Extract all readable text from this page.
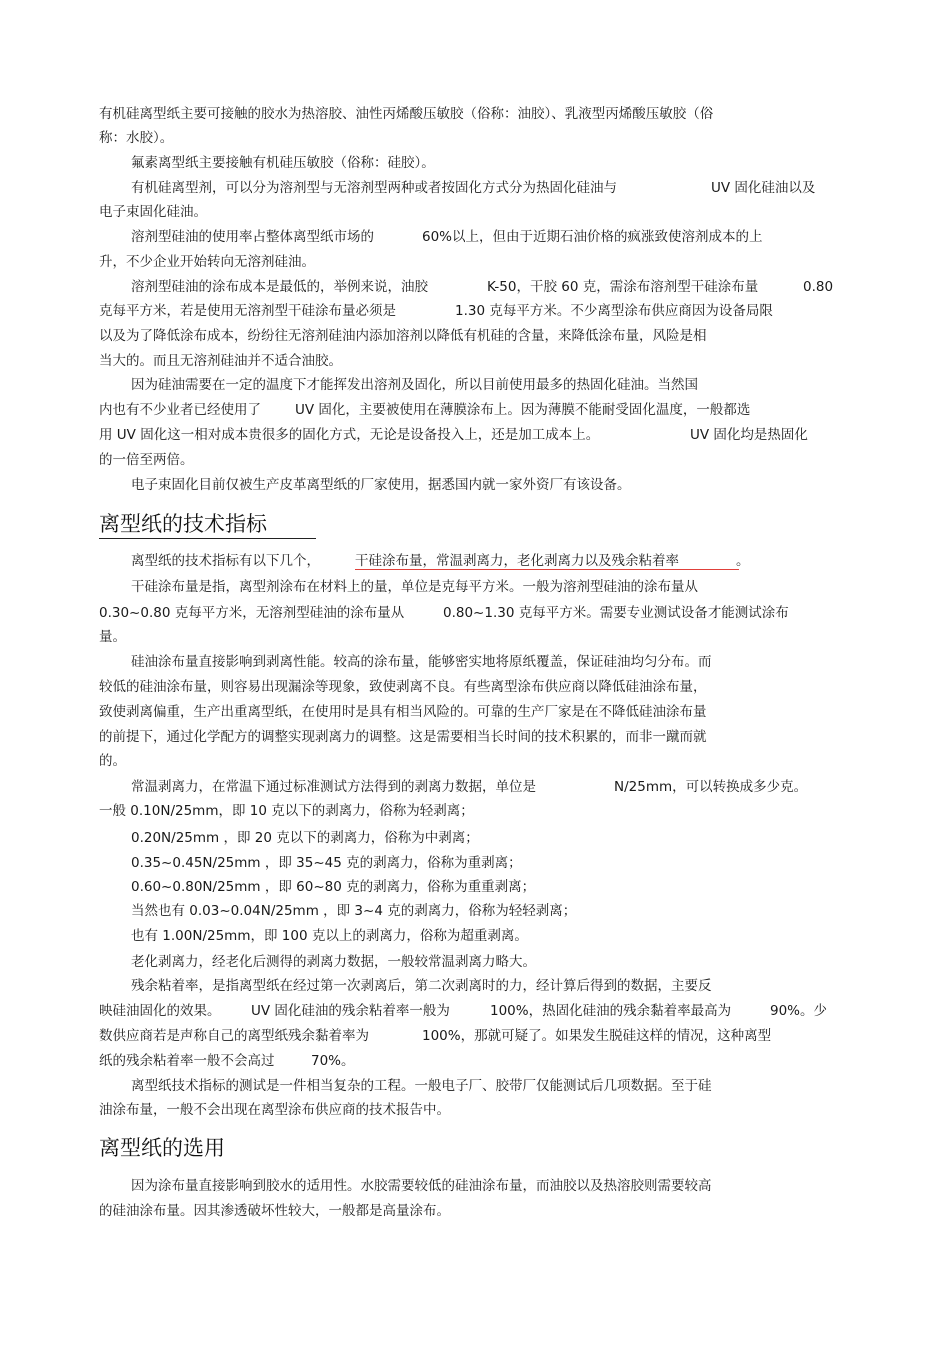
有机硅离型纸主要可接触的胶水为热溶胶、油性丙烯酸压敏胶（俗称：油胶）、乳液型丙烯酸压敏胶（俗
称：水胶）。
氟素离型纸主要接触有机硅压敏胶（俗称：硅胶）。
有机硅离型剂，可以分为溶剂型与无溶剂型两种或者按固化方式分为热固化硅油与	UV 固化硅油以及
电子束固化硅油。
溶剂型硅油的使用率占整体离型纸市场的	60%以上，但由于近期石油价格的疯涨致使溶剂成本的上
升，不少企业开始转向无溶剂硅油。
溶剂型硅油的涂布成本是最低的，举例来说，油胶	K-50，干胶 60 克，需涂布溶剂型干硅涂布量	0.80
克每平方米，若是使用无溶剂型干硅涂布量必须是	1.30 克每平方米。不少离型涂布供应商因为设备局限
以及为了降低涂布成本，纷纷往无溶剂硅油内添加溶剂以降低有机硅的含量，来降低涂布量，风险是相
当大的。而且无溶剂硅油并不适合油胶。
因为硅油需要在一定的温度下才能挥发出溶剂及固化，所以目前使用最多的热固化硅油。当然国
内也有不少业者已经使用了	UV 固化，主要被使用在薄膜涂布上。因为薄膜不能耐受固化温度，一般都选
用 UV 固化这一相对成本贵很多的固化方式，无论是设备投入上，还是加工成本上。	UV 固化均是热固化
的一倍至两倍。
电子束固化目前仅被生产皮革离型纸的厂家使用，据悉国内就一家外资厂有该设备。
离型纸的技术指标
离型纸的技术指标有以下几个，	干硅涂布量，常温剥离力，老化剥离力以及残余粘着率	。
干硅涂布量是指，离型剂涂布在材料上的量，单位是克每平方米。一般为溶剂型硅油的涂布量从
0.30~0.80 克每平方米，无溶剂型硅油的涂布量从	0.80~1.30 克每平方米。需要专业测试设备才能测试涂布
量。
硅油涂布量直接影响到剥离性能。较高的涂布量，能够密实地将原纸覆盖，保证硅油均匀分布。而
较低的硅油涂布量，则容易出现漏涂等现象，致使剥离不良。有些离型涂布供应商以降低硅油涂布量，
致使剥离偏重，生产出重离型纸，在使用时是具有相当风险的。可靠的生产厂家是在不降低硅油涂布量
的前提下，通过化学配方的调整实现剥离力的调整。这是需要相当长时间的技术积累的，而非一蹴而就
的。
常温剥离力，在常温下通过标准测试方法得到的剥离力数据，单位是	N/25mm，可以转换成多少克。
一般 0.10N/25mm，即 10 克以下的剥离力，俗称为轻剥离；
0.20N/25mm ，即 20 克以下的剥离力，俗称为中剥离；
0.35~0.45N/25mm ，即 35~45 克的剥离力，俗称为重剥离；
0.60~0.80N/25mm ，即 60~80 克的剥离力，俗称为重重剥离；
当然也有 0.03~0.04N/25mm ，即 3~4 克的剥离力，俗称为轻轻剥离；
也有 1.00N/25mm，即 100 克以上的剥离力，俗称为超重剥离。
老化剥离力，经老化后测得的剥离力数据，一般较常温剥离力略大。
残余粘着率，是指离型纸在经过第一次剥离后，第二次剥离时的力，经计算后得到的数据，主要反
映硅油固化的效果。 UV 固化硅油的残余粘着率一般为	100%，热固化硅油的残余黏着率最高为	90%。少
数供应商若是声称自己的离型纸残余黏着率为	100%，那就可疑了。如果发生脱硅这样的情况，这种离型
纸的残余粘着率一般不会高过	70%。
离型纸技术指标的测试是一件相当复杂的工程。一般电子厂、胶带厂仅能测试后几项数据。至于硅
油涂布量，一般不会出现在离型涂布供应商的技术报告中。
离型纸的选用
因为涂布量直接影响到胶水的适用性。水胶需要较低的硅油涂布量，而油胶以及热溶胶则需要较高
的硅油涂布量。因其渗透破坏性较大，一般都是高量涂布。
